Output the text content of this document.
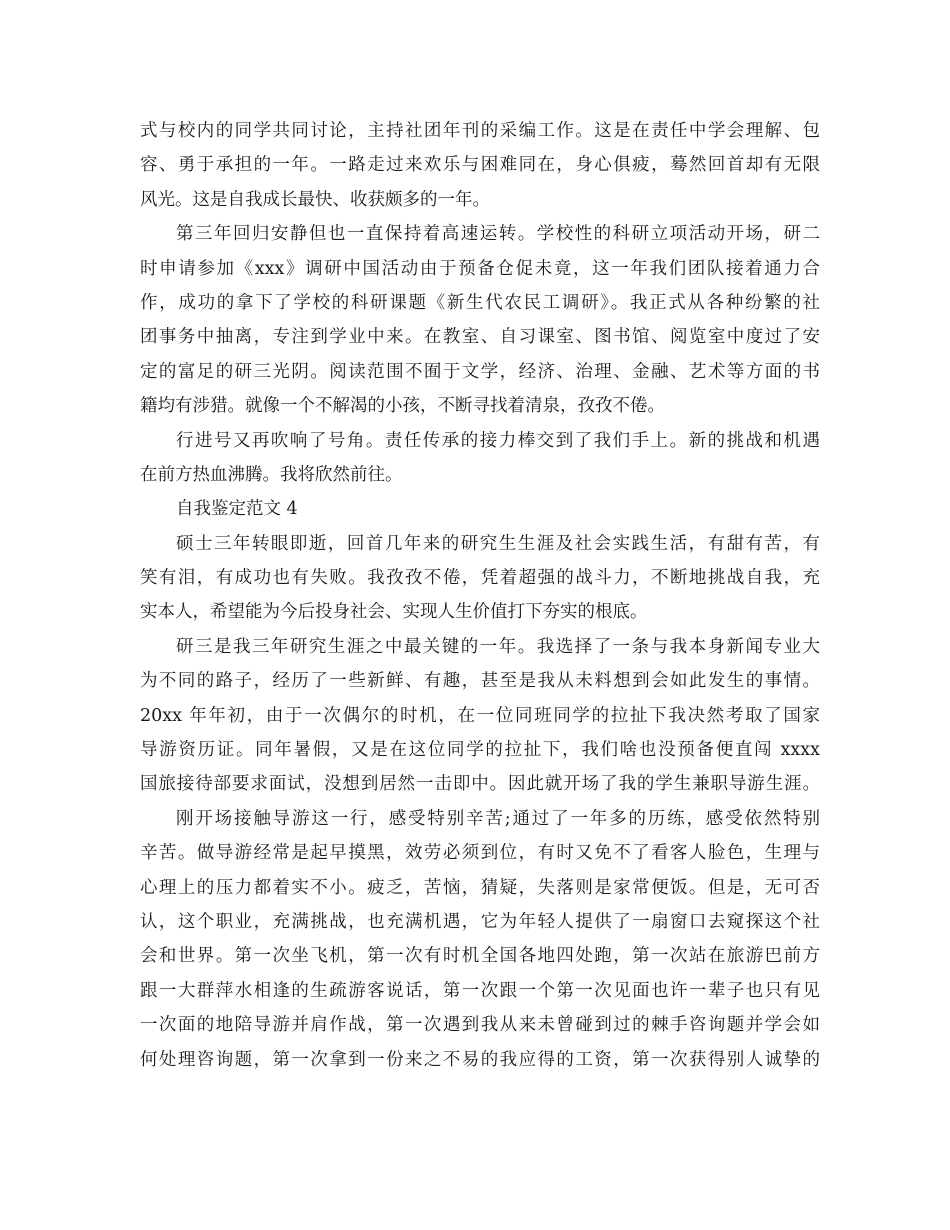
式与校内的同学共同讨论，主持社团年刊的采编工作。这是在责任中学会理解、包
容、勇于承担的一年。一路走过来欢乐与困难同在，身心俱疲，蓦然回首却有无限
风光。这是自我成长最快、收获颇多的一年。
第三年回归安静但也一直保持着高速运转。学校性的科研立项活动开场，研二
时申请参加《xxx》调研中国活动由于预备仓促未竟，这一年我们团队接着通力合
作，成功的拿下了学校的科研课题《新生代农民工调研》。我正式从各种纷繁的社
团事务中抽离，专注到学业中来。在教室、自习课室、图书馆、阅览室中度过了安
定的富足的研三光阴。阅读范围不囿于文学，经济、治理、金融、艺术等方面的书
籍均有涉猎。就像一个不解渴的小孩，不断寻找着清泉，孜孜不倦。
行进号又再吹响了号角。责任传承的接力棒交到了我们手上。新的挑战和机遇
在前方热血沸腾。我将欣然前往。
自我鉴定范文 4
硕士三年转眼即逝，回首几年来的研究生生涯及社会实践生活，有甜有苦，有
笑有泪，有成功也有失败。我孜孜不倦，凭着超强的战斗力，不断地挑战自我，充
实本人，希望能为今后投身社会、实现人生价值打下夯实的根底。
研三是我三年研究生涯之中最关键的一年。我选择了一条与我本身新闻专业大
为不同的路子，经历了一些新鲜、有趣，甚至是我从未料想到会如此发生的事情。
20xx 年年初，由于一次偶尔的时机，在一位同班同学的拉扯下我决然考取了国家
导游资历证。同年暑假，又是在这位同学的拉扯下，我们啥也没预备便直闯 xxxx
国旅接待部要求面试，没想到居然一击即中。因此就开场了我的学生兼职导游生涯。
刚开场接触导游这一行，感受特别辛苦;通过了一年多的历练，感受依然特别
辛苦。做导游经常是起早摸黑，效劳必须到位，有时又免不了看客人脸色，生理与
心理上的压力都着实不小。疲乏，苦恼，猜疑，失落则是家常便饭。但是，无可否
认，这个职业，充满挑战，也充满机遇，它为年轻人提供了一扇窗口去窥探这个社
会和世界。第一次坐飞机，第一次有时机全国各地四处跑，第一次站在旅游巴前方
跟一大群萍水相逢的生疏游客说话，第一次跟一个第一次见面也许一辈子也只有见
一次面的地陪导游并肩作战，第一次遇到我从来未曾碰到过的棘手咨询题并学会如
何处理咨询题，第一次拿到一份来之不易的我应得的工资，第一次获得别人诚挚的
